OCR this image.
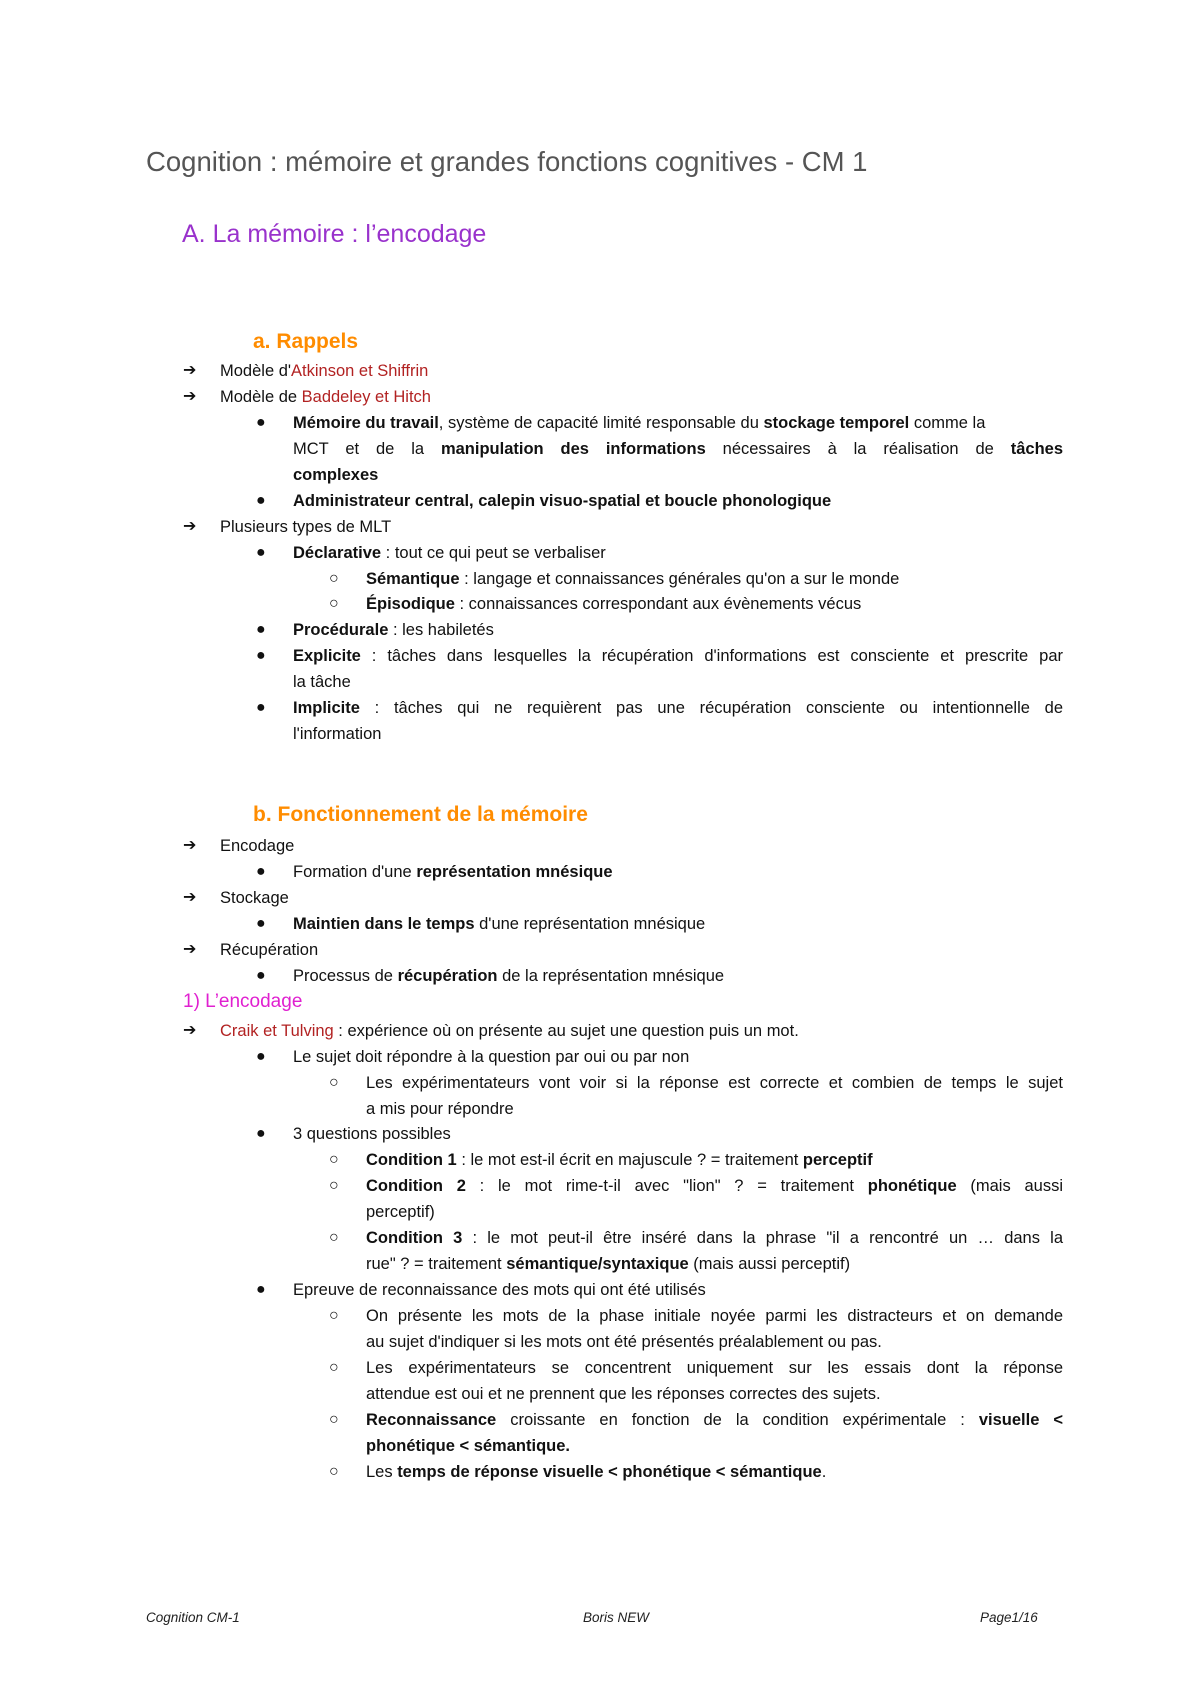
Cognition : mémoire et grandes fonctions cognitives - CM 1
A. La mémoire : l’encodage
a. Rappels
➔ Modèle d'Atkinson et Shiffrin
➔ Modèle de Baddeley et Hitch
● Mémoire du travail, système de capacité limité responsable du stockage temporel comme la
MCT et de la manipulation des informations nécessaires à la réalisation de tâches
complexes
● Administrateur central, calepin visuo-spatial et boucle phonologique
➔ Plusieurs types de MLT
● Déclarative : tout ce qui peut se verbaliser
○ Sémantique : langage et connaissances générales qu'on a sur le monde
○ Épisodique : connaissances correspondant aux évènements vécus
● Procédurale : les habiletés
● Explicite : tâches dans lesquelles la récupération d'informations est consciente et prescrite par
la tâche
● Implicite : tâches qui ne requièrent pas une récupération consciente ou intentionnelle de
l'information
b. Fonctionnement de la mémoire
➔ Encodage
● Formation d'une représentation mnésique
➔ Stockage
● Maintien dans le temps d'une représentation mnésique
➔ Récupération
● Processus de récupération de la représentation mnésique
1) L’encodage
➔ Craik et Tulving : expérience où on présente au sujet une question puis un mot.
● Le sujet doit répondre à la question par oui ou par non
○ Les expérimentateurs vont voir si la réponse est correcte et combien de temps le sujet
a mis pour répondre
● 3 questions possibles
○ Condition 1 : le mot est-il écrit en majuscule ? = traitement perceptif
○ Condition 2 : le mot rime-t-il avec "lion" ? = traitement phonétique (mais aussi
perceptif)
○ Condition 3 : le mot peut-il être inséré dans la phrase "il a rencontré un … dans la
rue" ? = traitement sémantique/syntaxique (mais aussi perceptif)
● Epreuve de reconnaissance des mots qui ont été utilisés
○ On présente les mots de la phase initiale noyée parmi les distracteurs et on demande
au sujet d'indiquer si les mots ont été présentés préalablement ou pas.
○ Les expérimentateurs se concentrent uniquement sur les essais dont la réponse
attendue est oui et ne prennent que les réponses correctes des sujets.
○ Reconnaissance croissante en fonction de la condition expérimentale : visuelle <
phonétique < sémantique.
○ Les temps de réponse visuelle < phonétique < sémantique.
Cognition CM-1	Boris NEW	Page1/16
